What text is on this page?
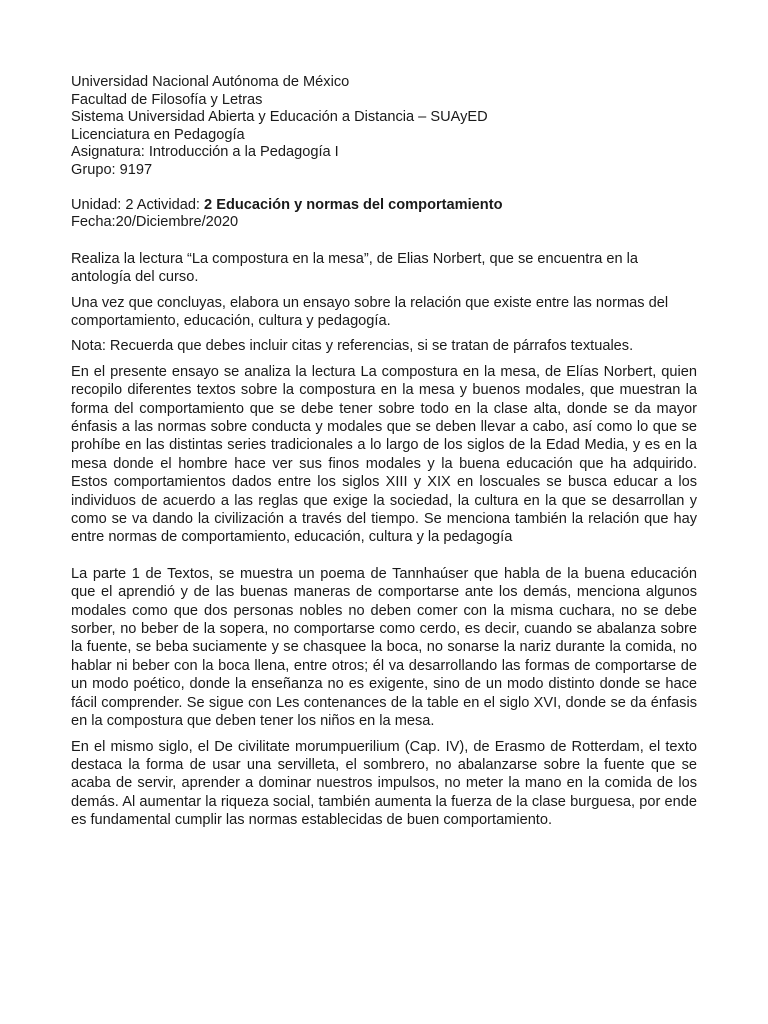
Universidad Nacional Autónoma de México
Facultad de Filosofía y Letras
Sistema Universidad Abierta y Educación a Distancia – SUAyED
Licenciatura en Pedagogía
Asignatura: Introducción a la Pedagogía I
Grupo: 9197
Unidad: 2 Actividad: 2 Educación y normas del comportamiento
Fecha:20/Diciembre/2020

Realiza la lectura “La compostura en la mesa”, de Elias Norbert, que se encuentra en la antología del curso.

Una vez que concluyas, elabora un ensayo sobre la relación que existe entre las normas del comportamiento, educación, cultura y pedagogía.

Nota: Recuerda que debes incluir citas y referencias, si se tratan de párrafos textuales.

En el presente ensayo se analiza la lectura La compostura en la mesa, de Elías Norbert, quien recopilo diferentes textos sobre la compostura en la mesa y buenos modales, que muestran la forma del comportamiento que se debe tener sobre todo en la clase alta, donde se da mayor énfasis a las normas sobre conducta y modales que se deben llevar a cabo, así como lo que se prohíbe en las distintas series tradicionales a lo largo de los siglos de la Edad Media, y es en la mesa donde el hombre hace ver sus finos modales y la buena educación que ha adquirido. Estos comportamientos dados entre los siglos XIII y XIX en loscuales se busca educar a los individuos de acuerdo a las reglas que exige la sociedad, la cultura en la que se desarrollan y como se va dando la civilización a través del tiempo. Se menciona también la relación que hay entre normas de comportamiento, educación, cultura y la pedagogía

La parte 1 de Textos, se muestra un poema de Tannhaúser que habla de la buena educación que el aprendió y de las buenas maneras de comportarse ante los demás, menciona algunos modales como que dos personas nobles no deben comer con la misma cuchara, no se debe sorber, no beber de la sopera, no comportarse como cerdo, es decir, cuando se abalanza sobre la fuente, se beba suciamente y se chasquee la boca, no sonarse la nariz durante la comida, no hablar ni beber con la boca llena, entre otros; él va desarrollando las formas de comportarse de un modo poético, donde la enseñanza no es exigente, sino de un modo distinto donde se hace fácil comprender. Se sigue con Les contenances de la table en el siglo XVI, donde se da énfasis en la compostura que deben tener los niños en la mesa.

En el mismo siglo, el De civilitate morumpuerilium (Cap. IV), de Erasmo de Rotterdam, el texto destaca la forma de usar una servilleta, el sombrero, no abalanzarse sobre la fuente que se acaba de servir, aprender a dominar nuestros impulsos, no meter la mano en la comida de los demás. Al aumentar la riqueza social, también aumenta la fuerza de la clase burguesa, por ende es fundamental cumplir las normas establecidas de buen comportamiento.
